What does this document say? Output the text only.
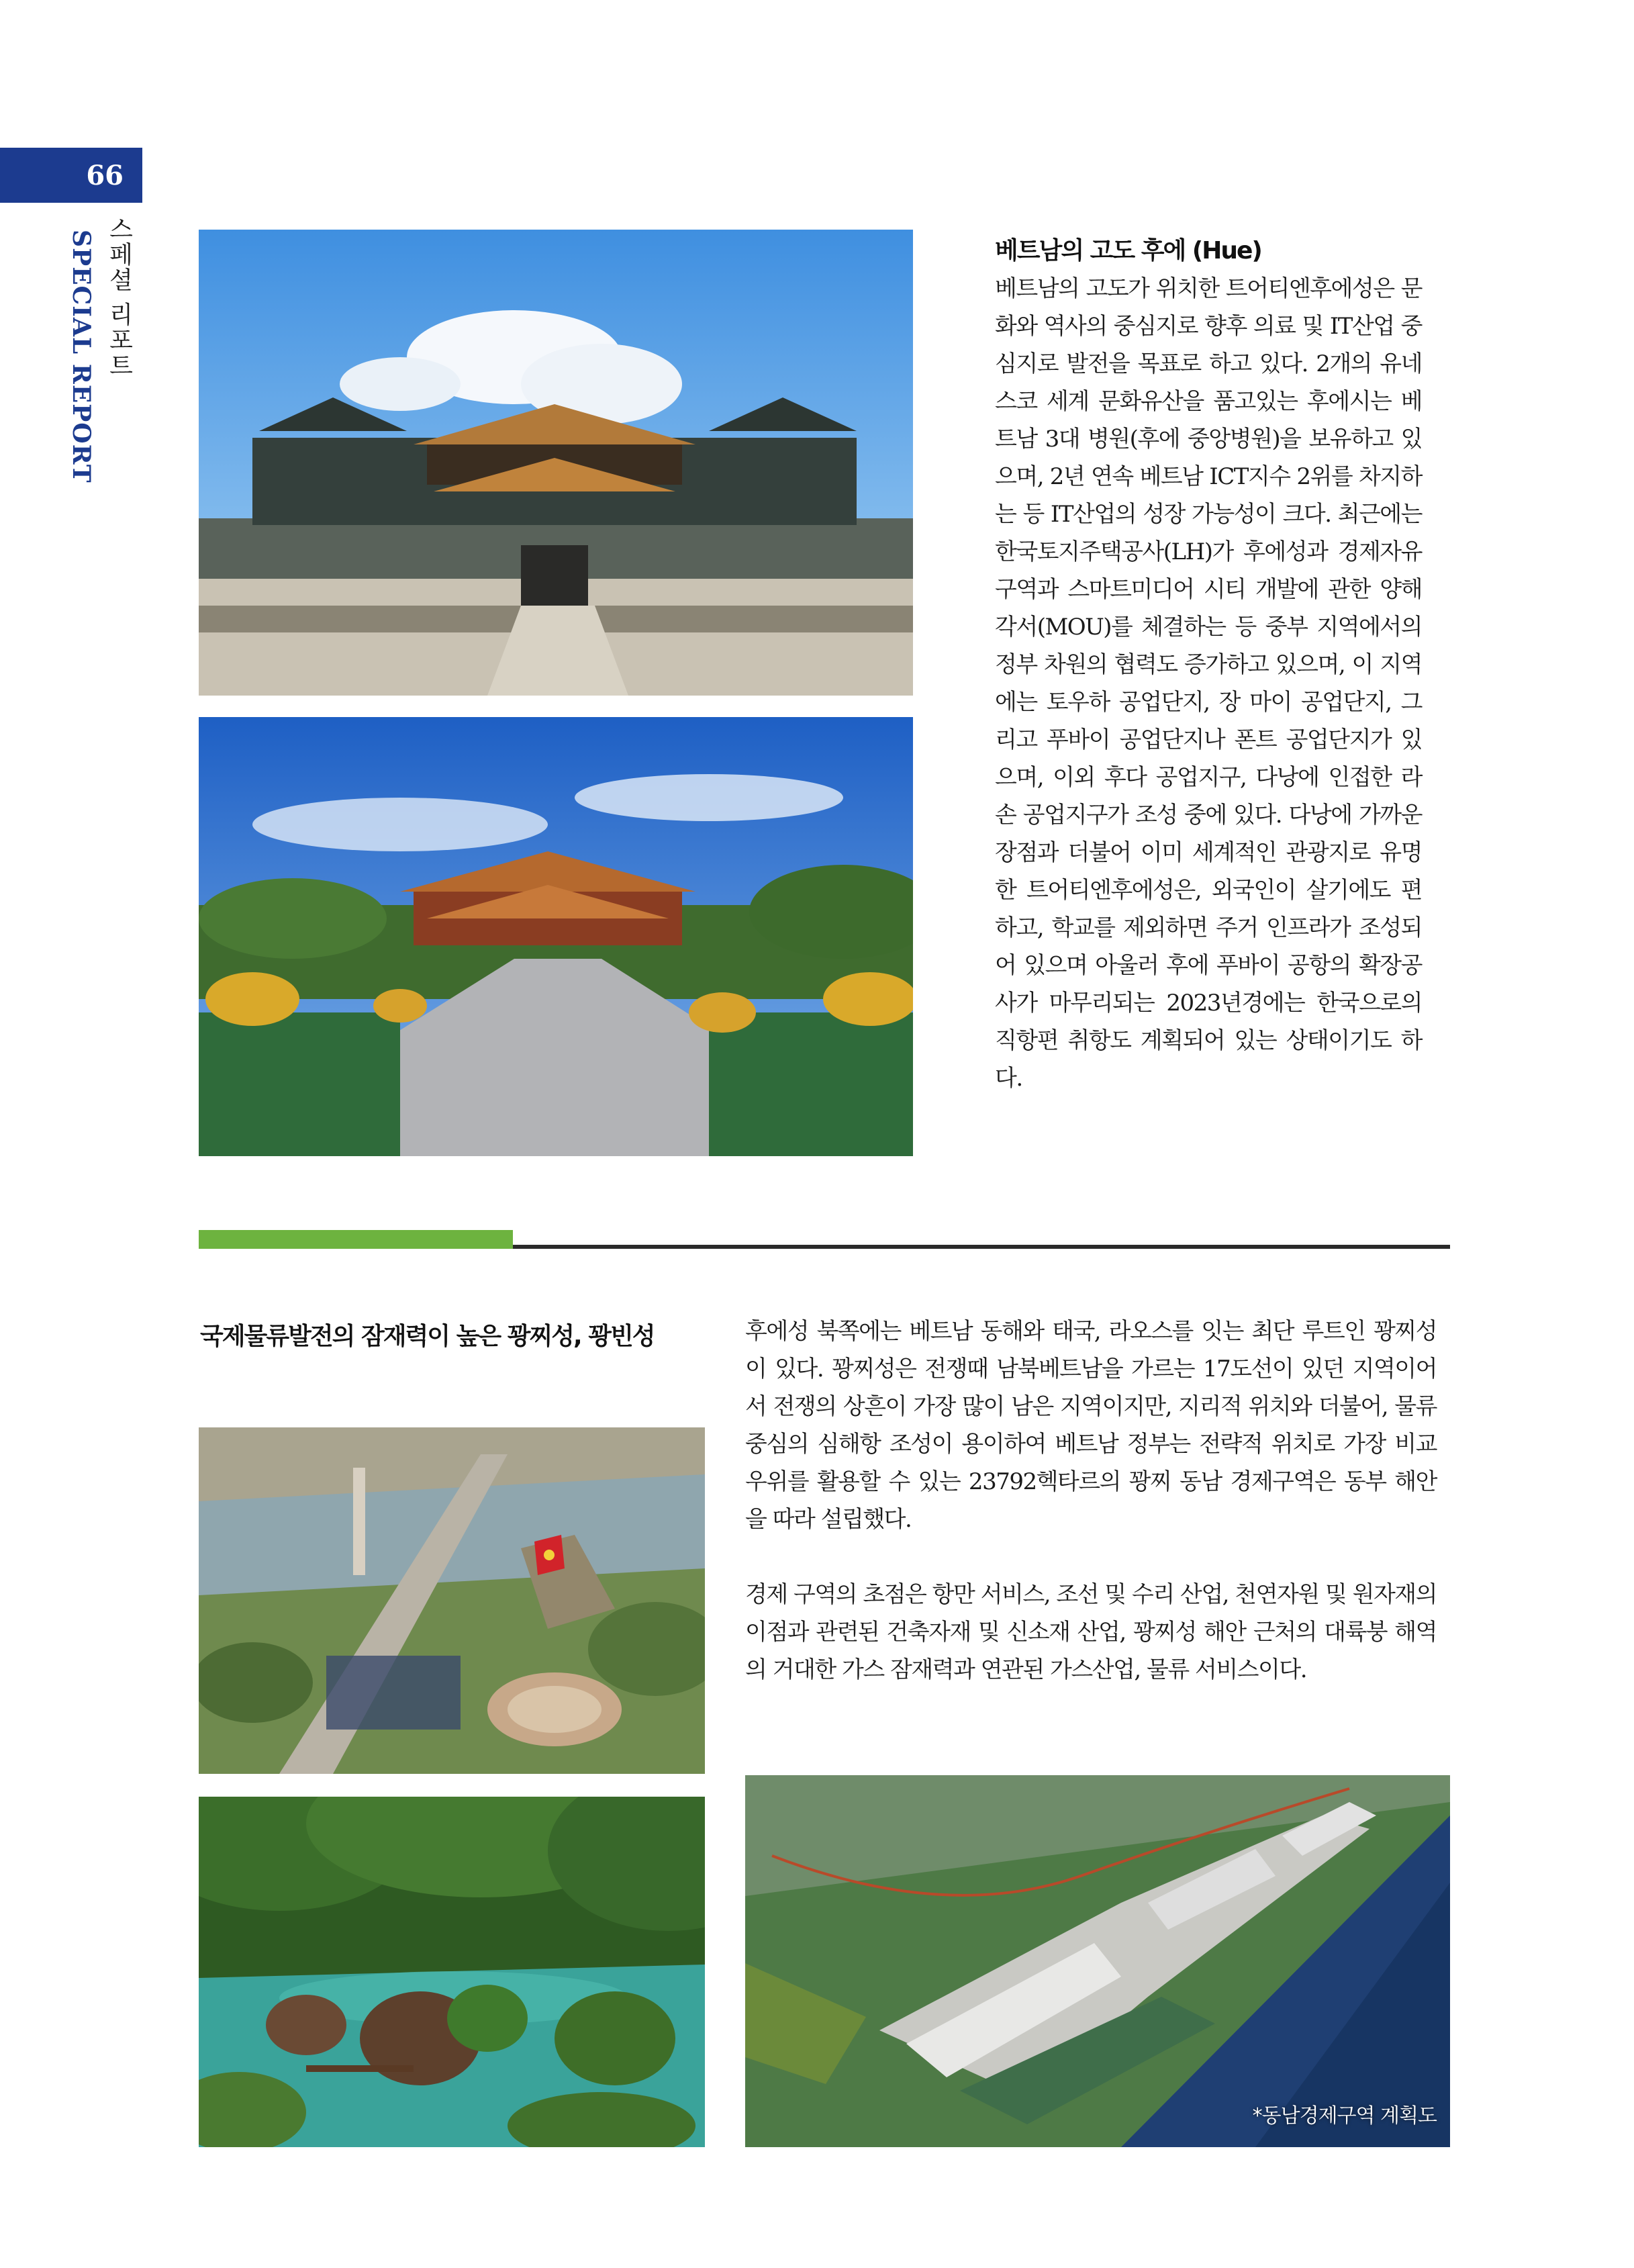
66
스페셜 리포트
SPECIAL REPORT	베트남의 고도 후에 (Hue)

베트남의 고도가 위치한 트어티엔후에성은 문화와 역사의 중심지로 향후 의료 및 IT산업 중심지로 발전을 목표로 하고 있다. 2개의 유네스코 세계 문화유산을 품고있는 후에시는 베트남 3대 병원(후에 중앙병원)을 보유하고 있으며, 2년 연속 베트남 ICT지수 2위를 차지하는 등 IT산업의 성장 가능성이 크다. 최근에는 한국토지주택공사(LH)가 후에성과 경제자유구역과 스마트미디어 시티 개발에 관한 양해각서(MOU)를 체결하는 등 중부 지역에서의 정부 차원의 협력도 증가하고 있으며, 이 지역에는 토우하 공업단지, 장 마이 공업단지, 그리고 푸바이 공업단지나 폰트 공업단지가 있으며, 이외 후다 공업지구, 다낭에 인접한 라손 공업지구가 조성 중에 있다. 다낭에 가까운 장점과 더불어 이미 세계적인 관광지로 유명한 트어티엔후에성은, 외국인이 살기에도 편하고, 학교를 제외하면 주거 인프라가 조성되어 있으며 아울러 후에 푸바이 공항의 확장공사가 마무리되는 2023년경에는 한국으로의 직항편 취항도 계획되어 있는 상태이기도 하다.

국제물류발전의 잠재력이 높은 꽝찌성, 꽝빈성	후에성 북쪽에는 베트남 동해와 태국, 라오스를 잇는 최단 루트인 꽝찌성이 있다. 꽝찌성은 전쟁때 남북베트남을 가르는 17도선이 있던 지역이어서 전쟁의 상흔이 가장 많이 남은 지역이지만, 지리적 위치와 더불어, 물류 중심의 심해항 조성이 용이하여 베트남 정부는 전략적 위치로 가장 비교 우위를 활용할 수 있는 23792헥타르의 꽝찌 동남 경제구역은 동부 해안을 따라 설립했다.

경제 구역의 초점은 항만 서비스, 조선 및 수리 산업, 천연자원 및 원자재의 이점과 관련된 건축자재 및 신소재 산업, 꽝찌성 해안 근처의 대륙붕 해역의 거대한 가스 잠재력과 연관된 가스산업, 물류 서비스이다.

*동남경제구역 계획도
